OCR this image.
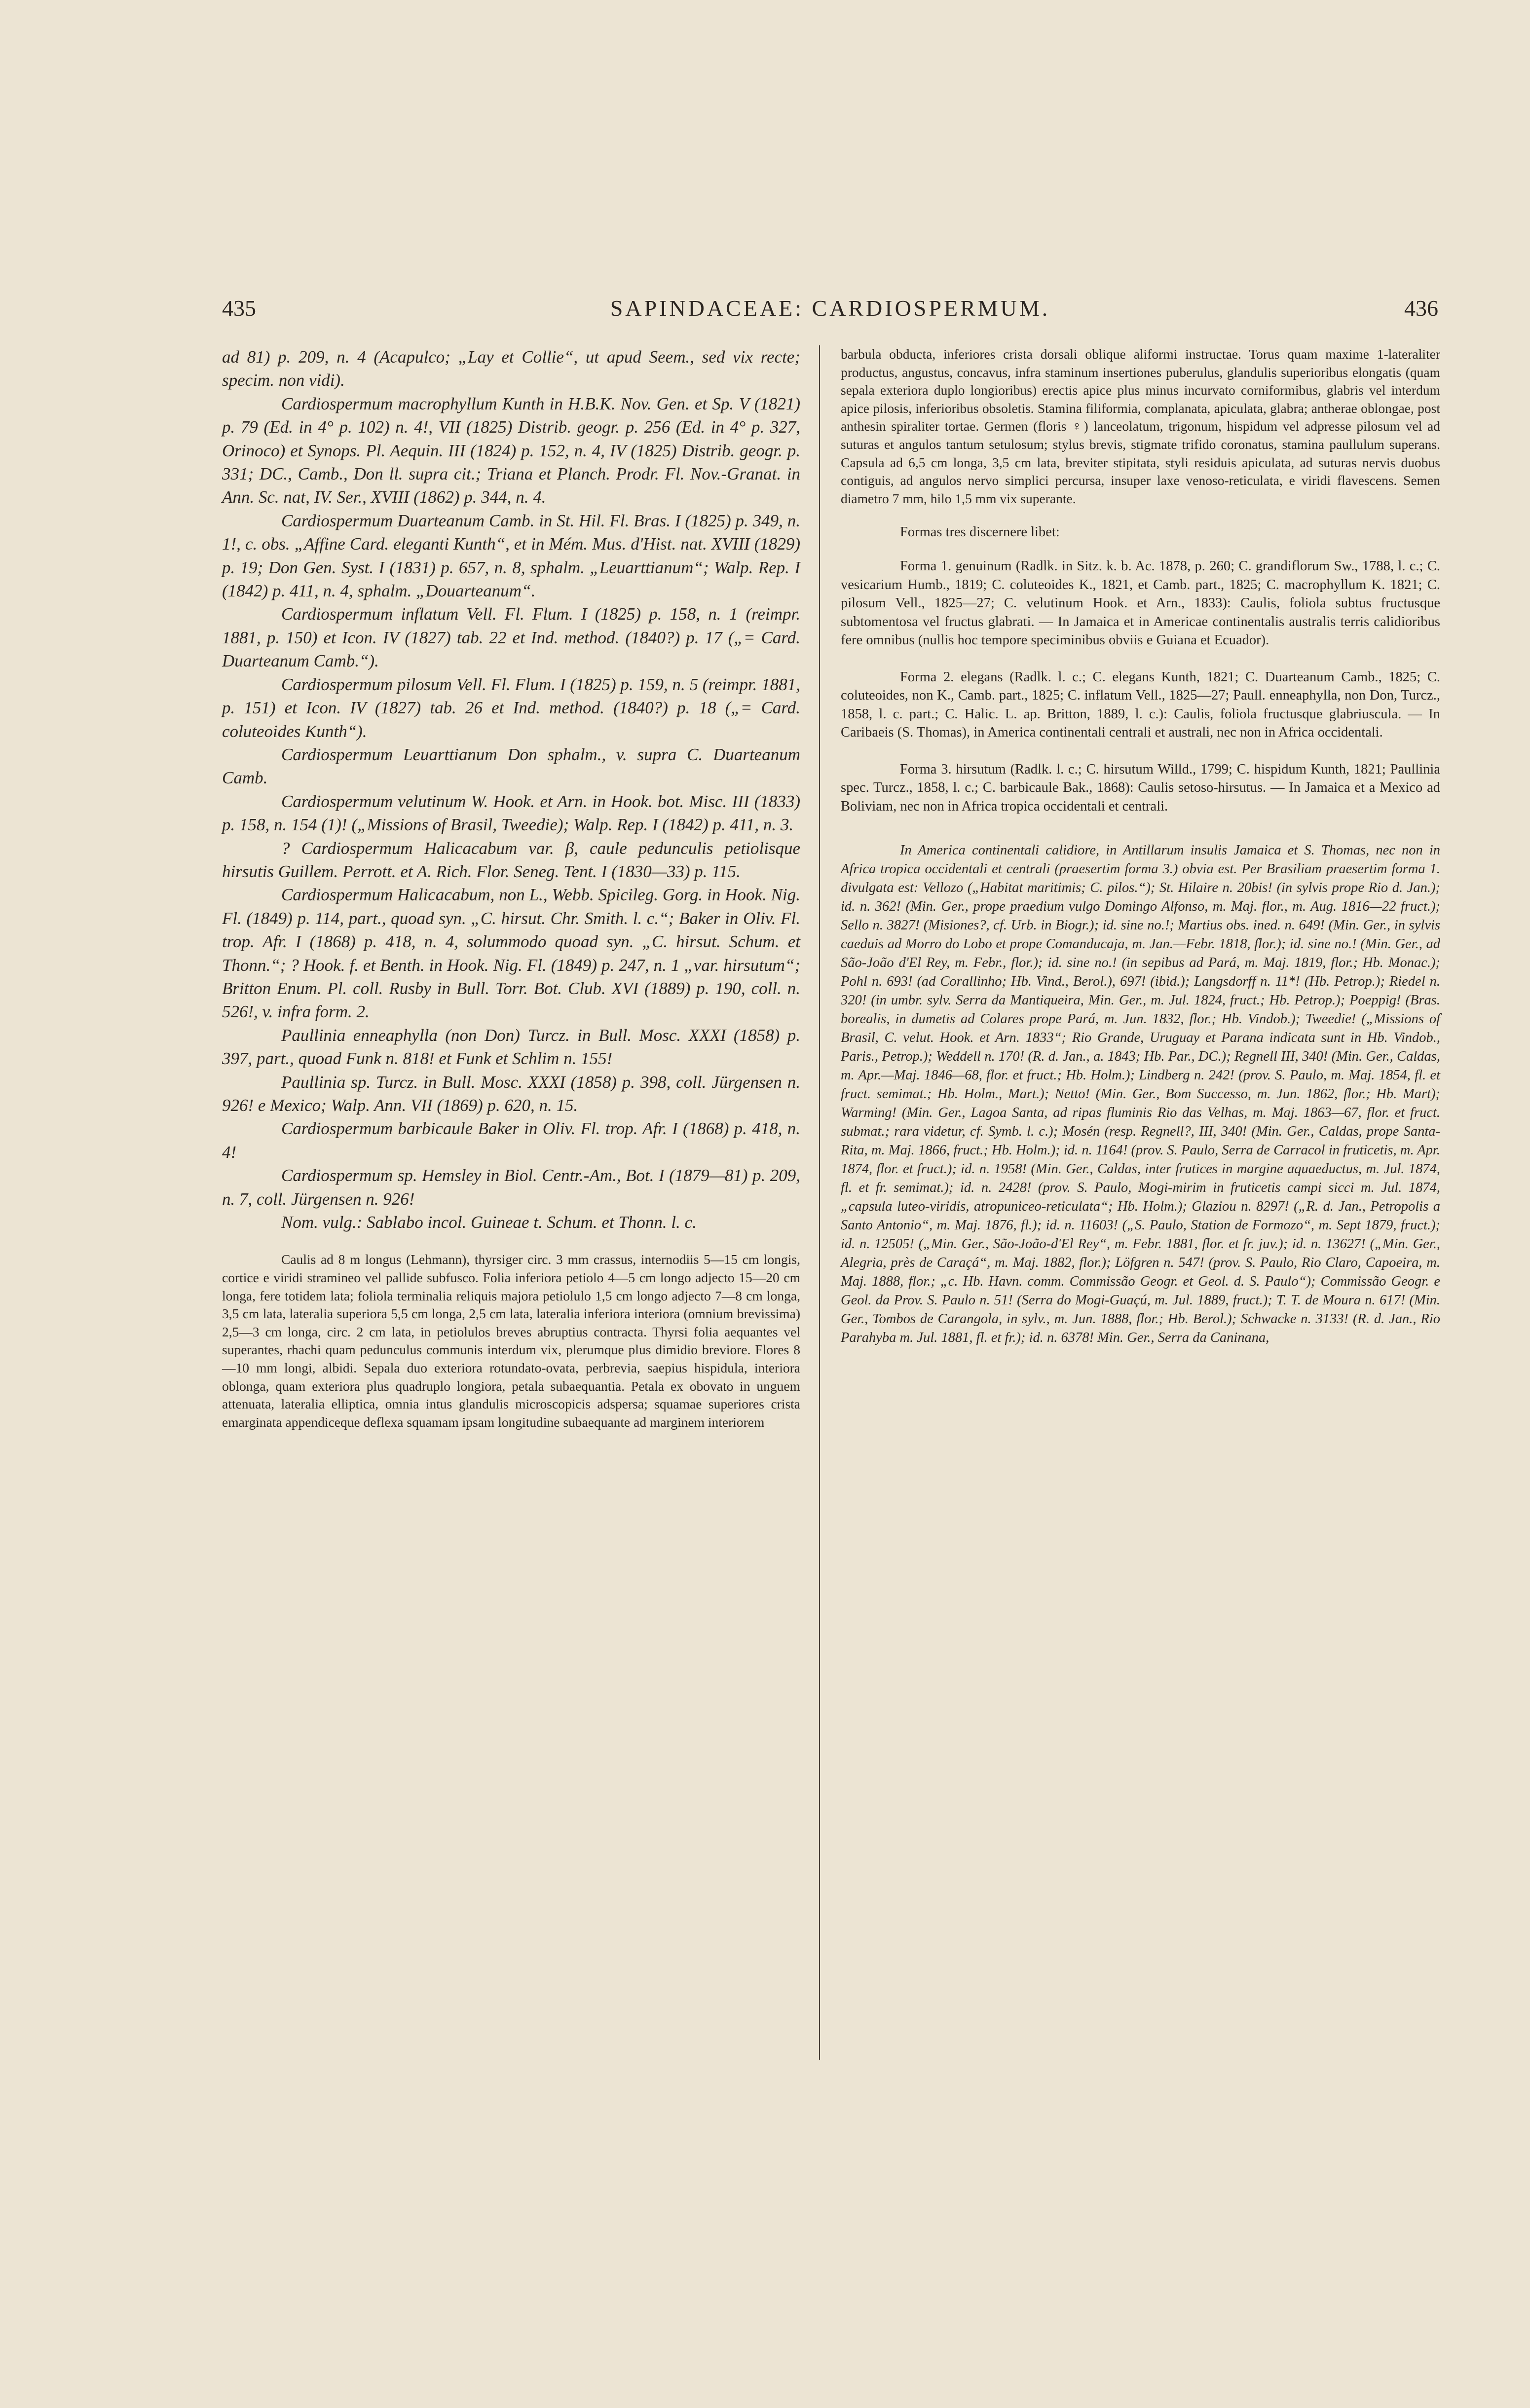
435	SAPINDACEAE: CARDIOSPERMUM.	436

ad 81) p. 209, n. 4 (Acapulco; „Lay et Collie“, ut apud Seem., sed vix recte; specim. non vidi).

Cardiospermum macrophyllum Kunth in H.B.K. Nov. Gen. et Sp. V (1821) p. 79 (Ed. in 4° p. 102) n. 4!, VII (1825) Distrib. geogr. p. 256 (Ed. in 4° p. 327, Orinoco) et Synops. Pl. Aequin. III (1824) p. 152, n. 4, IV (1825) Distrib. geogr. p. 331; DC., Camb., Don ll. supra cit.; Triana et Planch. Prodr. Fl. Nov.-Granat. in Ann. Sc. nat, IV. Ser., XVIII (1862) p. 344, n. 4.

Cardiospermum Duarteanum Camb. in St. Hil. Fl. Bras. I (1825) p. 349, n. 1!, c. obs. „Affine Card. eleganti Kunth“, et in Mém. Mus. d'Hist. nat. XVIII (1829) p. 19; Don Gen. Syst. I (1831) p. 657, n. 8, sphalm. „Leuarttianum“; Walp. Rep. I (1842) p. 411, n. 4, sphalm. „Douarteanum“.

Cardiospermum inflatum Vell. Fl. Flum. I (1825) p. 158, n. 1 (reimpr. 1881, p. 150) et Icon. IV (1827) tab. 22 et Ind. method. (1840?) p. 17 („= Card. Duarteanum Camb.“).

Cardiospermum pilosum Vell. Fl. Flum. I (1825) p. 159, n. 5 (reimpr. 1881, p. 151) et Icon. IV (1827) tab. 26 et Ind. method. (1840?) p. 18 („= Card. coluteoides Kunth“).

Cardiospermum Leuarttianum Don sphalm., v. supra C. Duarteanum Camb.

Cardiospermum velutinum W. Hook. et Arn. in Hook. bot. Misc. III (1833) p. 158, n. 154 (1)! („Missions of Brasil, Tweedie); Walp. Rep. I (1842) p. 411, n. 3.

? Cardiospermum Halicacabum var. β, caule pedunculis petiolisque hirsutis Guillem. Perrott. et A. Rich. Flor. Seneg. Tent. I (1830—33) p. 115.

Cardiospermum Halicacabum, non L., Webb. Spicileg. Gorg. in Hook. Nig. Fl. (1849) p. 114, part., quoad syn. „C. hirsut. Chr. Smith. l. c.“; Baker in Oliv. Fl. trop. Afr. I (1868) p. 418, n. 4, solummodo quoad syn. „C. hirsut. Schum. et Thonn.“; ? Hook. f. et Benth. in Hook. Nig. Fl. (1849) p. 247, n. 1 „var. hirsutum“; Britton Enum. Pl. coll. Rusby in Bull. Torr. Bot. Club. XVI (1889) p. 190, coll. n. 526!, v. infra form. 2.

Paullinia enneaphylla (non Don) Turcz. in Bull. Mosc. XXXI (1858) p. 397, part., quoad Funk n. 818! et Funk et Schlim n. 155!

Paullinia sp. Turcz. in Bull. Mosc. XXXI (1858) p. 398, coll. Jürgensen n. 926! e Mexico; Walp. Ann. VII (1869) p. 620, n. 15.

Cardiospermum barbicaule Baker in Oliv. Fl. trop. Afr. I (1868) p. 418, n. 4!

Cardiospermum sp. Hemsley in Biol. Centr.-Am., Bot. I (1879—81) p. 209, n. 7, coll. Jürgensen n. 926!

Nom. vulg.: Sablabo incol. Guineae t. Schum. et Thonn. l. c.

Caulis ad 8 m longus (Lehmann), thyrsiger circ. 3 mm crassus, internodiis 5—15 cm longis, cortice e viridi stramineo vel pallide subfusco. Folia inferiora petiolo 4—5 cm longo adjecto 15—20 cm longa, fere totidem lata; foliola terminalia reliquis majora petiolulo 1,5 cm longo adjecto 7—8 cm longa, 3,5 cm lata, lateralia superiora 5,5 cm longa, 2,5 cm lata, lateralia inferiora interiora (omnium brevissima) 2,5—3 cm longa, circ. 2 cm lata, in petiolulos breves abruptius contracta. Thyrsi folia aequantes vel superantes, rhachi quam pedunculus communis interdum vix, plerumque plus dimidio breviore. Flores 8—10 mm longi, albidi. Sepala duo exteriora rotundato-ovata, perbrevia, saepius hispidula, interiora oblonga, quam exteriora plus quadruplo longiora, petala subaequantia. Petala ex obovato in unguem attenuata, lateralia elliptica, omnia intus glandulis microscopicis adspersa; squamae superiores crista emarginata appendiceque deflexa squamam ipsam longitudine subaequante ad marginem interiorem

barbula obducta, inferiores crista dorsali oblique aliformi instructae. Torus quam maxime 1-lateraliter productus, angustus, concavus, infra staminum insertiones puberulus, glandulis superioribus elongatis (quam sepala exteriora duplo longioribus) erectis apice plus minus incurvato corniformibus, glabris vel interdum apice pilosis, inferioribus obsoletis. Stamina filiformia, complanata, apiculata, glabra; antherae oblongae, post anthesin spiraliter tortae. Germen (floris ♀) lanceolatum, trigonum, hispidum vel adpresse pilosum vel ad suturas et angulos tantum setulosum; stylus brevis, stigmate trifido coronatus, stamina paullulum superans. Capsula ad 6,5 cm longa, 3,5 cm lata, breviter stipitata, styli residuis apiculata, ad suturas nervis duobus contiguis, ad angulos nervo simplici percursa, insuper laxe venoso-reticulata, e viridi flavescens. Semen diametro 7 mm, hilo 1,5 mm vix superante.

Formas tres discernere libet:

Forma 1. genuinum (Radlk. in Sitz. k. b. Ac. 1878, p. 260; C. grandiflorum Sw., 1788, l. c.; C. vesicarium Humb., 1819; C. coluteoides K., 1821, et Camb. part., 1825; C. macrophyllum K. 1821; C. pilosum Vell., 1825—27; C. velutinum Hook. et Arn., 1833): Caulis, foliola subtus fructusque subtomentosa vel fructus glabrati. — In Jamaica et in Americae continentalis australis terris calidioribus fere omnibus (nullis hoc tempore speciminibus obviis e Guiana et Ecuador).

Forma 2. elegans (Radlk. l. c.; C. elegans Kunth, 1821; C. Duarteanum Camb., 1825; C. coluteoides, non K., Camb. part., 1825; C. inflatum Vell., 1825—27; Paull. enneaphylla, non Don, Turcz., 1858, l. c. part.; C. Halic. L. ap. Britton, 1889, l. c.): Caulis, foliola fructusque glabriuscula. — In Caribaeis (S. Thomas), in America continentali centrali et australi, nec non in Africa occidentali.

Forma 3. hirsutum (Radlk. l. c.; C. hirsutum Willd., 1799; C. hispidum Kunth, 1821; Paullinia spec. Turcz., 1858, l. c.; C. barbicaule Bak., 1868): Caulis setoso-hirsutus. — In Jamaica et a Mexico ad Boliviam, nec non in Africa tropica occidentali et centrali.

In America continentali calidiore, in Antillarum insulis Jamaica et S. Thomas, nec non in Africa tropica occidentali et centrali (praesertim forma 3.) obvia est. Per Brasiliam praesertim forma 1. divulgata est: Vellozo („Habitat maritimis; C. pilos.“); St. Hilaire n. 20bis! (in sylvis prope Rio d. Jan.); id. n. 362! (Min. Ger., prope praedium vulgo Domingo Alfonso, m. Maj. flor., m. Aug. 1816—22 fruct.); Sello n. 3827! (Misiones?, cf. Urb. in Biogr.); id. sine no.!; Martius obs. ined. n. 649! (Min. Ger., in sylvis caeduis ad Morro do Lobo et prope Comanducaja, m. Jan.—Febr. 1818, flor.); id. sine no.! (Min. Ger., ad São-João d'El Rey, m. Febr., flor.); id. sine no.! (in sepibus ad Pará, m. Maj. 1819, flor.; Hb. Monac.); Pohl n. 693! (ad Corallinho; Hb. Vind., Berol.), 697! (ibid.); Langsdorff n. 11*! (Hb. Petrop.); Riedel n. 320! (in umbr. sylv. Serra da Mantiqueira, Min. Ger., m. Jul. 1824, fruct.; Hb. Petrop.); Poeppig! (Bras. borealis, in dumetis ad Colares prope Pará, m. Jun. 1832, flor.; Hb. Vindob.); Tweedie! („Missions of Brasil, C. velut. Hook. et Arn. 1833“; Rio Grande, Uruguay et Parana indicata sunt in Hb. Vindob., Paris., Petrop.); Weddell n. 170! (R. d. Jan., a. 1843; Hb. Par., DC.); Regnell III, 340! (Min. Ger., Caldas, m. Apr.—Maj. 1846—68, flor. et fruct.; Hb. Holm.); Lindberg n. 242! (prov. S. Paulo, m. Maj. 1854, fl. et fruct. semimat.; Hb. Holm., Mart.); Netto! (Min. Ger., Bom Successo, m. Jun. 1862, flor.; Hb. Mart); Warming! (Min. Ger., Lagoa Santa, ad ripas fluminis Rio das Velhas, m. Maj. 1863—67, flor. et fruct. submat.; rara videtur, cf. Symb. l. c.); Mosén (resp. Regnell?, III, 340! (Min. Ger., Caldas, prope Santa-Rita, m. Maj. 1866, fruct.; Hb. Holm.); id. n. 1164! (prov. S. Paulo, Serra de Carracol in fruticetis, m. Apr. 1874, flor. et fruct.); id. n. 1958! (Min. Ger., Caldas, inter frutices in margine aquaeductus, m. Jul. 1874, fl. et fr. semimat.); id. n. 2428! (prov. S. Paulo, Mogi-mirim in fruticetis campi sicci m. Jul. 1874, „capsula luteo-viridis, atropuniceo-reticulata“; Hb. Holm.); Glaziou n. 8297! („R. d. Jan., Petropolis a Santo Antonio“, m. Maj. 1876, fl.); id. n. 11603! („S. Paulo, Station de Formozo“, m. Sept 1879, fruct.); id. n. 12505! („Min. Ger., São-João-d'El Rey“, m. Febr. 1881, flor. et fr. juv.); id. n. 13627! („Min. Ger., Alegria, près de Caraçá“, m. Maj. 1882, flor.); Löfgren n. 547! (prov. S. Paulo, Rio Claro, Capoeira, m. Maj. 1888, flor.; „c. Hb. Havn. comm. Commissão Geogr. et Geol. d. S. Paulo“); Commissão Geogr. e Geol. da Prov. S. Paulo n. 51! (Serra do Mogi-Guaçú, m. Jul. 1889, fruct.); T. T. de Moura n. 617! (Min. Ger., Tombos de Carangola, in sylv., m. Jun. 1888, flor.; Hb. Berol.); Schwacke n. 3133! (R. d. Jan., Rio Parahyba m. Jul. 1881, fl. et fr.); id. n. 6378! Min. Ger., Serra da Caninana,
